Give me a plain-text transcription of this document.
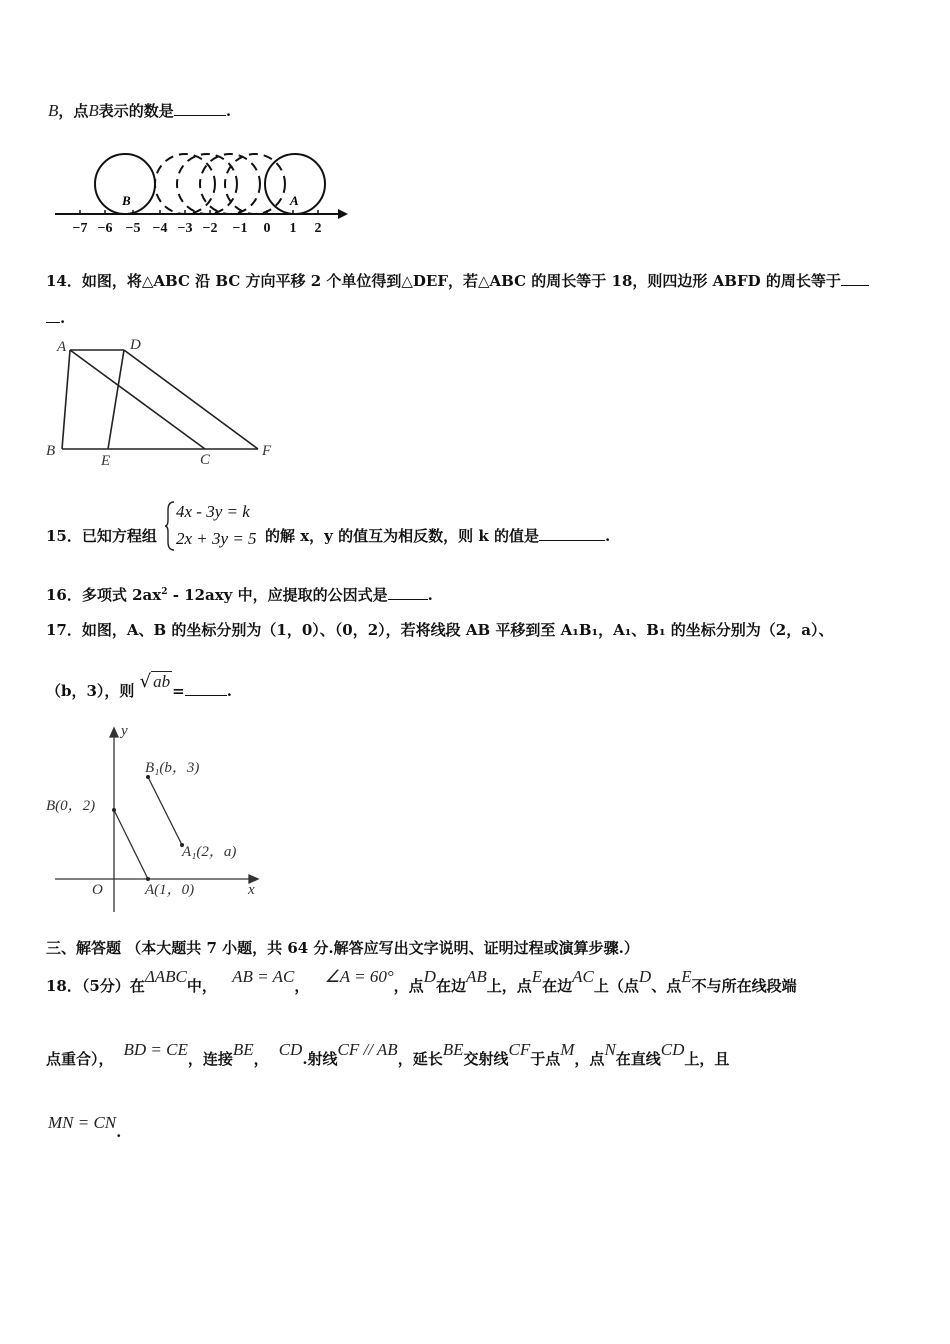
B，点B表示的数是	.
−7 −6 −5 −4 −3 −2 −1 0 1 2
B	A
14．如图，将△ABC 沿 BC 方向平移 2 个单位得到△DEF，若△ABC 的周长等于 18，则四边形 ABFD 的周长等于
.
A	D
B
E	C
F
15．已知方程组
4x - 3y = k
2x + 3y = 5 的解 x，y 的值互为相反数，则 k 的值是	.
16．多项式 $2ax^2 - 12axy$ 中，应提取的公因式是	.
17．如图，A、B 的坐标分别为（1，0）、（0，2），若将线段 AB 平移到至 A₁B₁，A₁、B₁ 的坐标分别为（2，a）、
（b，3），则 √ ab =	.
y
x
O
B(0，2)
A(1，0)
B₁(b，3)
A₁(2，a)
三、解答题 （本大题共 7 小题，共 64 分.解答应写出文字说明、证明过程或演算步骤.）
18．（5分）在ΔABC中， AB = AC， ∠A = 60°，点D在边AB上，点E在边AC上（点D、点E不与所在线段端
点重合）， BD = CE，连接BE， CD.射线CF // AB，延长BE交射线CF于点M，点N在直线CD上，且
MN = CN.
